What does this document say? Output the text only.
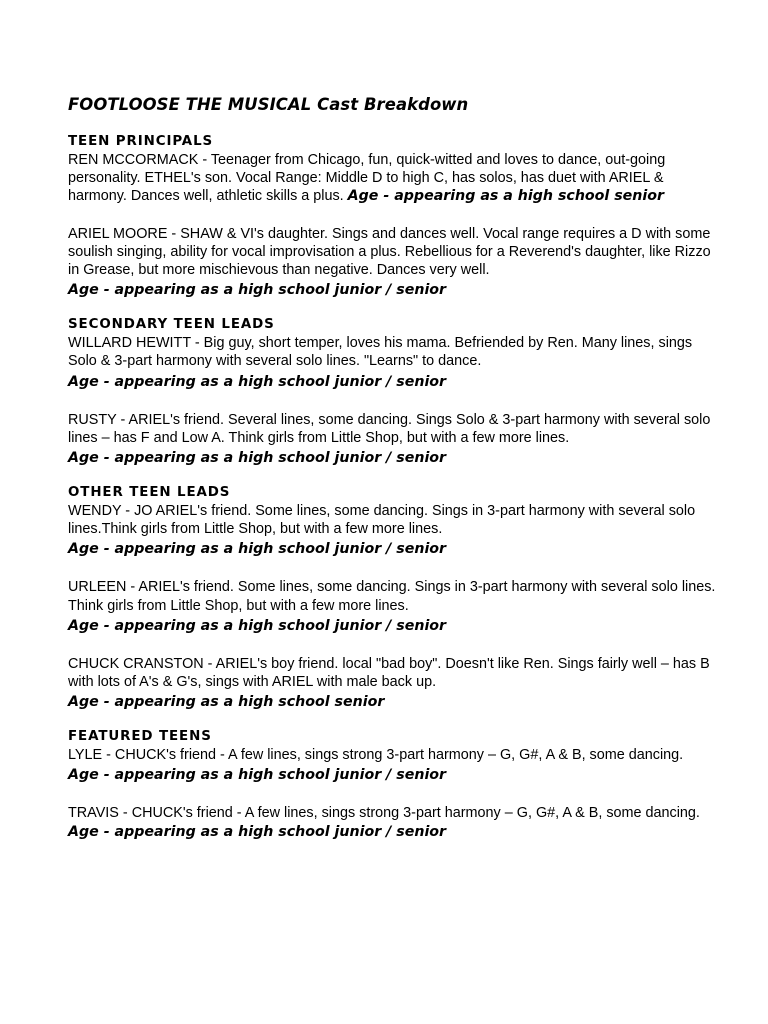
FOOTLOOSE THE MUSICAL Cast Breakdown
TEEN PRINCIPALS

REN MCCORMACK - Teenager from Chicago, fun, quick-witted and loves to dance, out-going personality. ETHEL's son. Vocal Range: Middle D to high C, has solos, has duet with ARIEL & harmony. Dances well, athletic skills a plus. Age - appearing as a high school senior

ARIEL MOORE - SHAW & VI's daughter. Sings and dances well. Vocal range requires a D with some soulish singing, ability for vocal improvisation a plus. Rebellious for a Reverend's daughter, like Rizzo in Grease, but more mischievous than negative. Dances very well.
Age - appearing as a high school junior / senior

SECONDARY TEEN LEADS

WILLARD HEWITT - Big guy, short temper, loves his mama. Befriended by Ren. Many lines, sings Solo & 3-part harmony with several solo lines. "Learns" to dance.
Age - appearing as a high school junior / senior

RUSTY - ARIEL's friend. Several lines, some dancing. Sings Solo & 3-part harmony with several solo lines – has F and Low A. Think girls from Little Shop, but with a few more lines.
Age - appearing as a high school junior / senior

OTHER TEEN LEADS

WENDY - JO ARIEL's friend. Some lines, some dancing. Sings in 3-part harmony with several solo lines.Think girls from Little Shop, but with a few more lines.
Age - appearing as a high school junior / senior

URLEEN - ARIEL's friend. Some lines, some dancing. Sings in 3-part harmony with several solo lines. Think girls from Little Shop, but with a few more lines.
Age - appearing as a high school junior / senior

CHUCK CRANSTON - ARIEL's boy friend. local "bad boy". Doesn't like Ren. Sings fairly well – has B with lots of A's & G's, sings with ARIEL with male back up.
Age - appearing as a high school senior

FEATURED TEENS

LYLE - CHUCK's friend - A few lines, sings strong 3-part harmony – G, G#, A & B, some dancing.
Age - appearing as a high school junior / senior

TRAVIS - CHUCK's friend - A few lines, sings strong 3-part harmony – G, G#, A & B, some dancing. Age - appearing as a high school junior / senior
